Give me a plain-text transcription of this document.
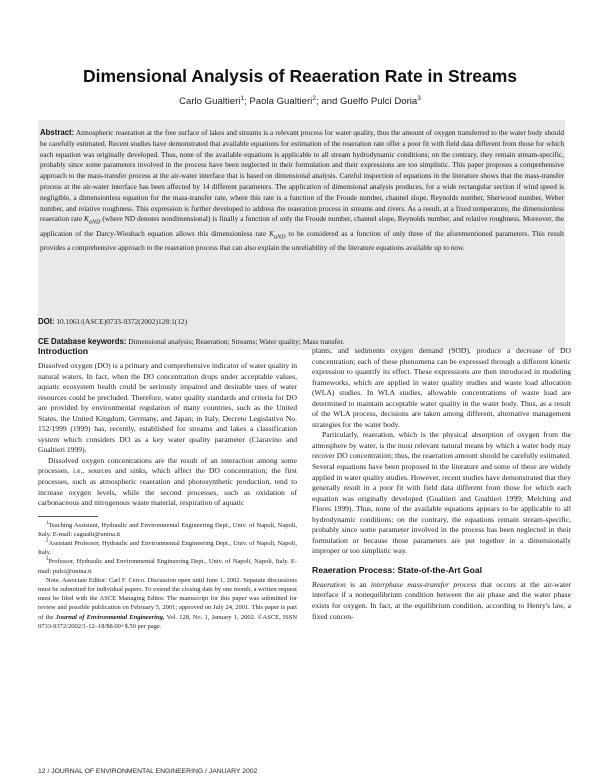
Dimensional Analysis of Reaeration Rate in Streams
Carlo Gualtieri$^1$; Paola Gualtieri$^2$; and Guelfo Pulci Doria$^3$

Abstract: Atmospheric reaeration at the free surface of lakes and streams is a relevant process for water quality, thus the amount of oxygen transferred to the water body should be carefully estimated. Recent studies have demonstrated that available equations for estimation of the reaeration rate offer a poor fit with field data different from those for which each equation was originally developed. Thus, none of the available equations is applicable to all stream hydrodynamic conditions; on the contrary, they remain stream-specific, probably since some parameters involved in the process have been neglected in their formulation and their expressions are too simplistic. This paper proposes a comprehensive approach to the mass-transfer process at the air-water interface that is based on dimensional analysis. Careful inspection of equations in the literature shows that the mass-transfer process at the air-water interface has been affected by 14 different parameters. The application of dimensional analysis produces, for a wide rectangular section if wind speed is negligible, a dimensionless equation for the mass-transfer rate, where this rate is a function of the Froude number, channel slope, Reynolds number, Sherwood number, Weber number, and relative roughness. This expression is further developed to address the reaeration process in streams and rivers. As a result, at a fixed temperature, the dimensionless reaeration rate $K_{aND}$ (where ND denotes nondimensional) is finally a function of only the Froude number, channel slope, Reynolds number, and relative roughness. Moreover, the application of the Darcy-Wiesbach equation allows this dimensionless rate $K_{aND}$ to be considered as a function of only three of the aforementioned parameters. This result provides a comprehensive approach to the reaeration process that can also explain the unreliability of the literature equations available up to now.

DOI: 10.1061/(ASCE)0733-9372(2002)128:1(12)
CE Database keywords: Dimensional analysis; Reaeration; Streams; Water quality; Mass transfer.
Introduction

Dissolved oxygen (DO) is a primary and comprehensive indicator of water quality in natural waters. In fact, when the DO concentration drops under acceptable values, aquatic ecosystem health could be seriously impaired and desirable uses of water resources could be precluded. Therefore, water quality standards and criteria for DO are provided by environmental regulation of many countries, such as the United States, the United Kingdom, Germany, and Japan; in Italy, Decreto Legislativo No. 152/1999 (1999) has, recently, established for streams and lakes a classification system which considers DO as a key water quality parameter (Ciaravino and Gualtieri 1999).

Dissolved oxygen concentrations are the result of an interaction among some processes, i.e., sources and sinks, which affect the DO concentration; the first processes, such as atmospheric reaeration and photosynthetic production, tend to increase oxygen levels, while the second processes, such as oxidation of carbonaceous and nitrogenous waste material, respiration of aquatic

$^1$Teaching Assistant, Hydraulic and Environmental Engineering Dept., Univ. of Napoli, Napoli, Italy. E-mail: cagualti@unina.it

$^2$Assistant Professor, Hydraulic and Environmental Engineering Dept., Univ. of Napoli, Napoli, Italy.

$^3$Professor, Hydraulic and Environmental Engineering Dept., Univ. of Napoli, Napoli, Italy. E-mail: pulci@unina.it

Note. Associate Editor: Carl F. Cerco. Discussion open until June 1, 2002. Separate discussions must be submitted for individual papers. To extend the closing date by one month, a written request must be filed with the ASCE Managing Editor. The manuscript for this paper was submitted for review and possible publication on February 5, 2001; approved on July 24, 2001. This paper is part of the Journal of Environmental Engineering, Vol. 128, No. 1, January 1, 2002. ©ASCE, ISSN 0733-9372/2002/1-12–18/$8.00+$.50 per page.

plants, and sediments oxygen demand (SOD), produce a decrease of DO concentration; each of these phenomena can be expressed through a different kinetic expression to quantify its effect. These expressions are then introduced in modeling frameworks, which are applied in water quality studies and waste load allocation (WLA) studies. In WLA studies, allowable concentrations of waste load are determined to maintain acceptable water quality in the water body. Thus, as a result of the WLA process, decisions are taken among different, alternative management strategies for the water body.

Particularly, reaeration, which is the physical absorption of oxygen from the atmosphere by water, is the most relevant natural means by which a water body may recover DO concentration; thus, the reaeration amount should be carefully estimated. Several equations have been proposed in the literature and some of these are widely applied in water quality studies. However, recent studies have demonstrated that they generally result in a poor fit with field data different from those for which each equation was originally developed (Gualtieri and Gualtieri 1999; Melching and Flores 1999). Thus, none of the available equations appears to be applicable to all hydrodynamic conditions; on the contrary, the equations remain stream-specific, probably since some parameter involved in the process has been neglected in their formulation or because those parameters are put together in a dimensionally improper or too simplistic way.

Reaeration Process: State-of-the-Art Goal

Reaeration is an interphase mass-transfer process that occurs at the air-water interface if a nonequilibrium condition between the air phase and the water phase exists for oxygen. In fact, at the equilibrium condition, according to Henry's law, a fixed concen-

12 / JOURNAL OF ENVIRONMENTAL ENGINEERING / JANUARY 2002
